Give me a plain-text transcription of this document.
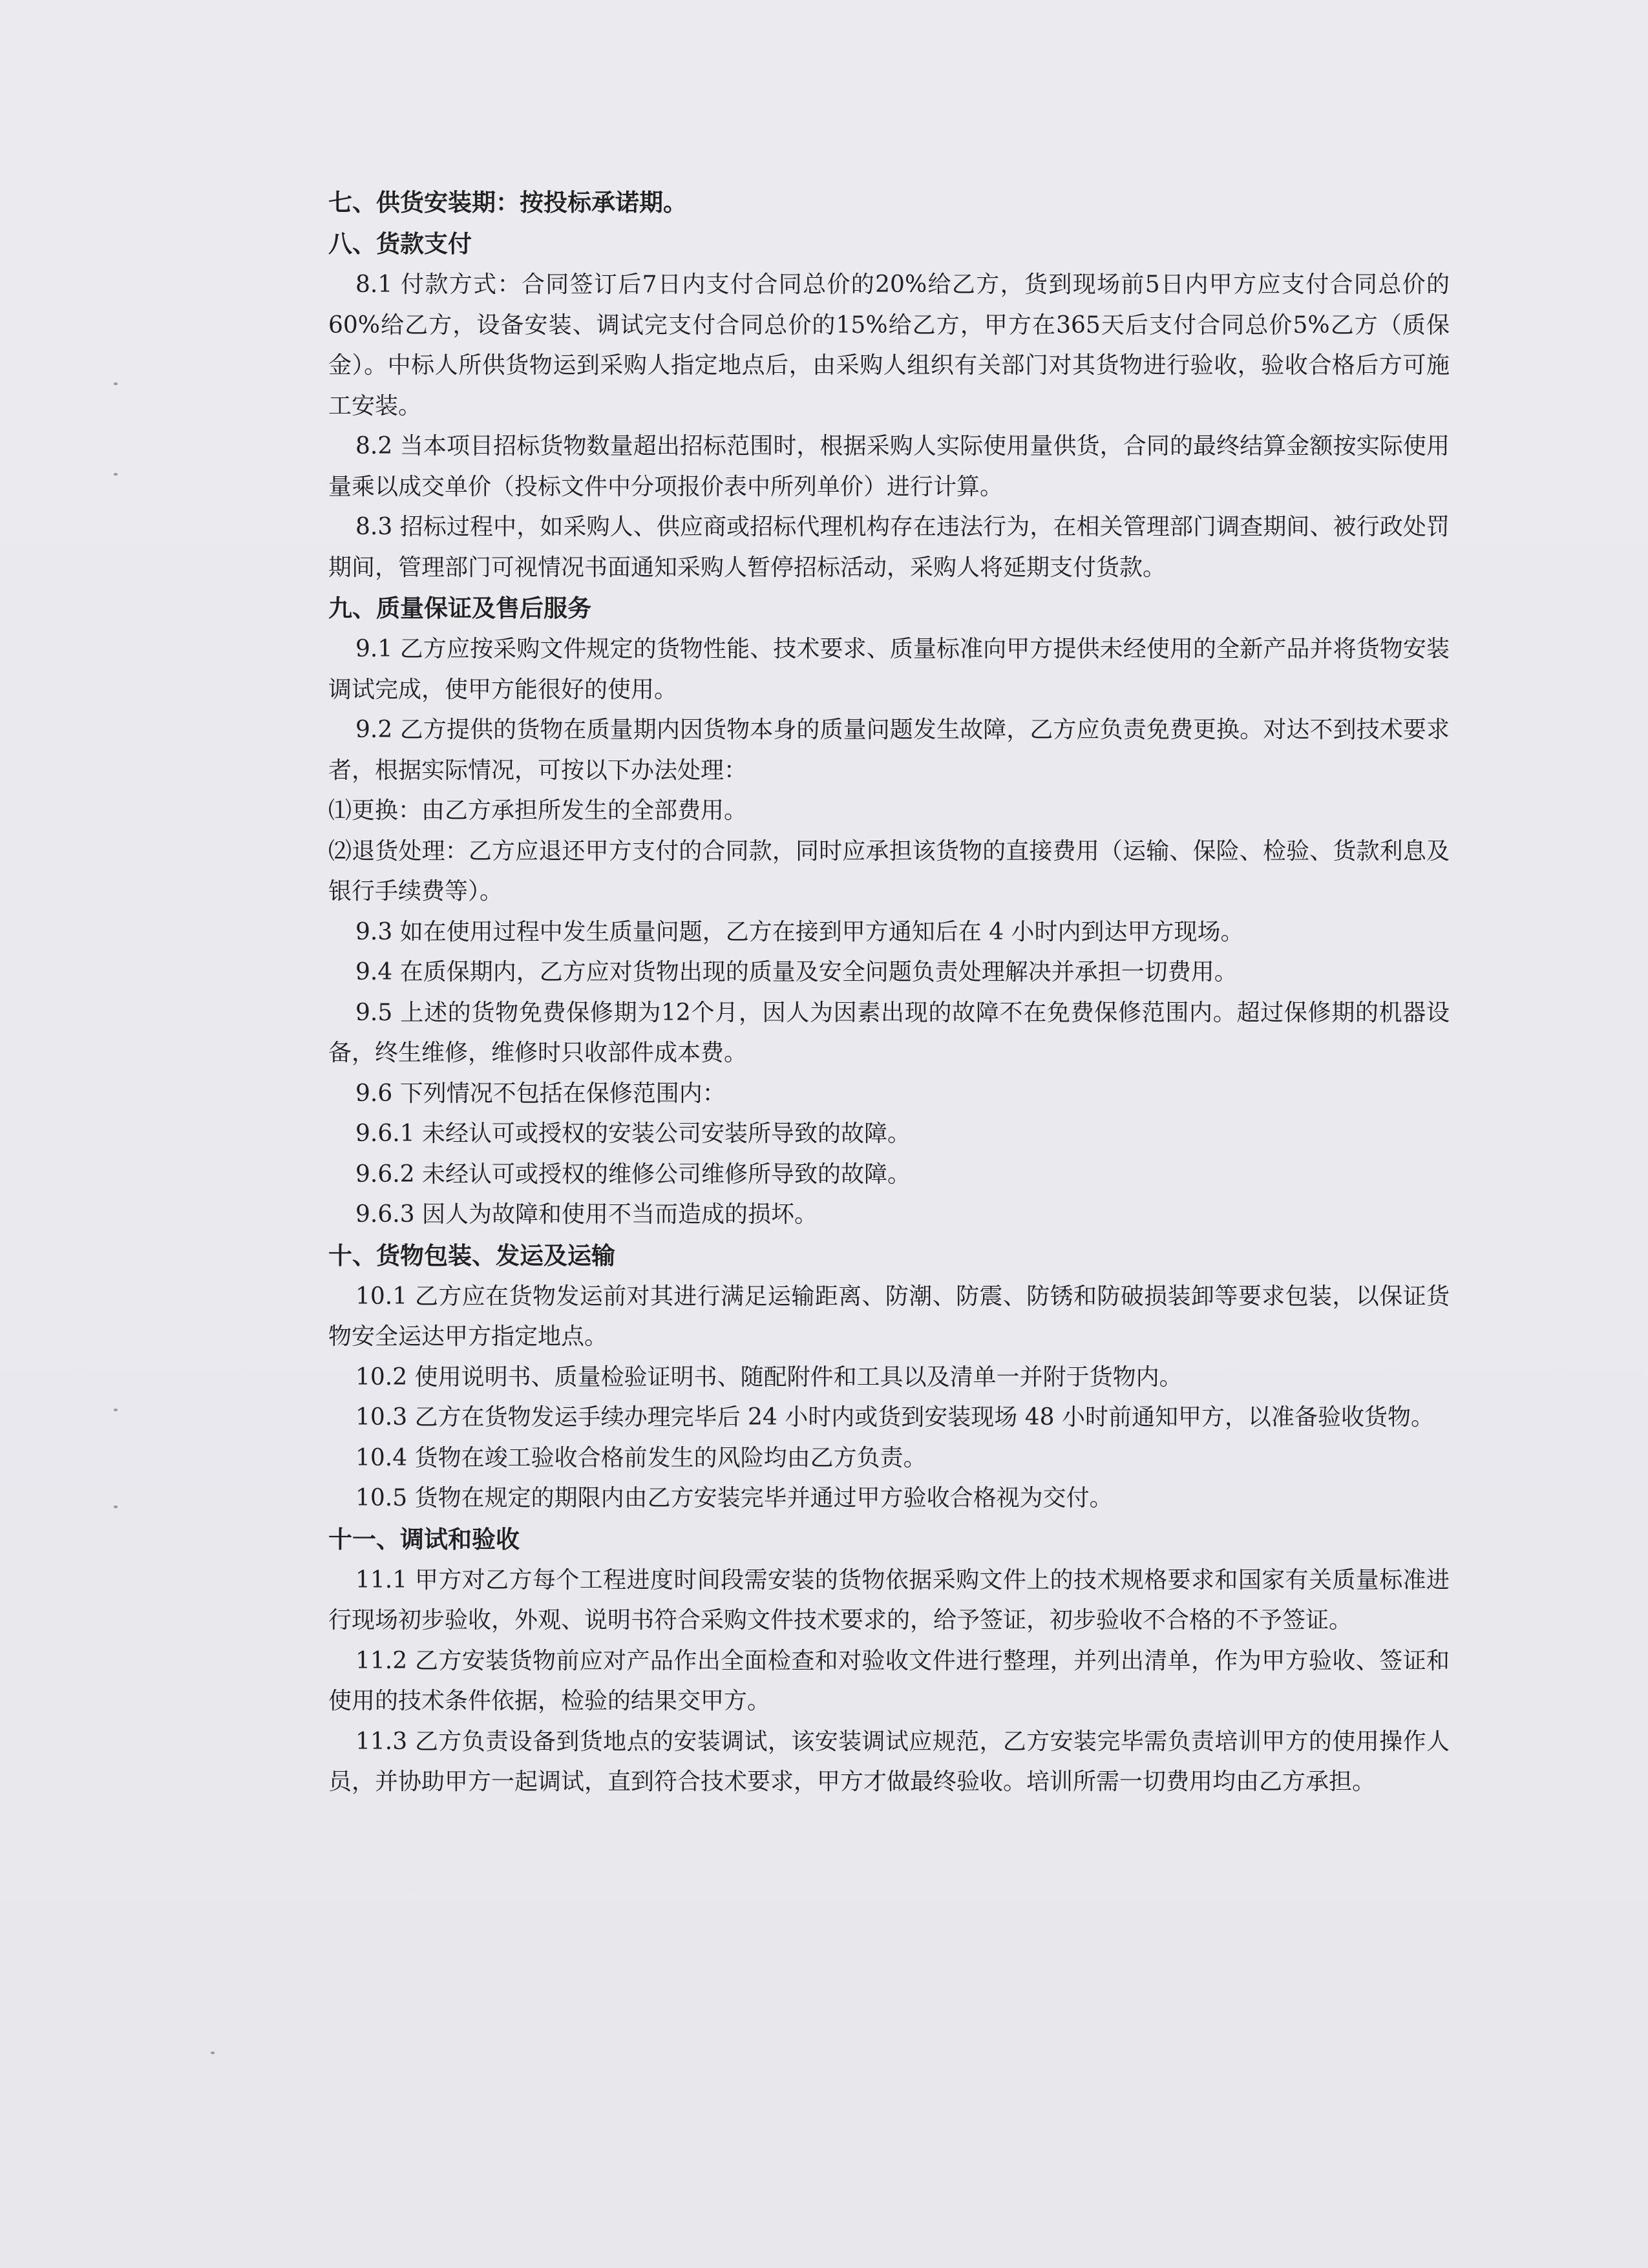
七、供货安装期：按投标承诺期。

八、货款支付

8.1 付款方式：合同签订后7日内支付合同总价的20%给乙方，货到现场前5日内甲方应支付合同总价的60%给乙方，设备安装、调试完支付合同总价的15%给乙方，甲方在365天后支付合同总价5%乙方（质保金）。中标人所供货物运到采购人指定地点后，由采购人组织有关部门对其货物进行验收，验收合格后方可施工安装。

8.2 当本项目招标货物数量超出招标范围时，根据采购人实际使用量供货，合同的最终结算金额按实际使用量乘以成交单价（投标文件中分项报价表中所列单价）进行计算。

8.3 招标过程中，如采购人、供应商或招标代理机构存在违法行为，在相关管理部门调查期间、被行政处罚期间，管理部门可视情况书面通知采购人暂停招标活动，采购人将延期支付货款。

九、质量保证及售后服务

9.1 乙方应按采购文件规定的货物性能、技术要求、质量标准向甲方提供未经使用的全新产品并将货物安装调试完成，使甲方能很好的使用。

9.2 乙方提供的货物在质量期内因货物本身的质量问题发生故障，乙方应负责免费更换。对达不到技术要求者，根据实际情况，可按以下办法处理：

⑴更换：由乙方承担所发生的全部费用。

⑵退货处理：乙方应退还甲方支付的合同款，同时应承担该货物的直接费用（运输、保险、检验、货款利息及银行手续费等）。

9.3 如在使用过程中发生质量问题，乙方在接到甲方通知后在 4 小时内到达甲方现场。

9.4 在质保期内，乙方应对货物出现的质量及安全问题负责处理解决并承担一切费用。

9.5 上述的货物免费保修期为12个月，因人为因素出现的故障不在免费保修范围内。超过保修期的机器设备，终生维修，维修时只收部件成本费。

9.6 下列情况不包括在保修范围内：

9.6.1 未经认可或授权的安装公司安装所导致的故障。

9.6.2 未经认可或授权的维修公司维修所导致的故障。

9.6.3 因人为故障和使用不当而造成的损坏。

十、货物包装、发运及运输

10.1 乙方应在货物发运前对其进行满足运输距离、防潮、防震、防锈和防破损装卸等要求包装，以保证货物安全运达甲方指定地点。

10.2 使用说明书、质量检验证明书、随配附件和工具以及清单一并附于货物内。

10.3 乙方在货物发运手续办理完毕后 24 小时内或货到安装现场 48 小时前通知甲方，以准备验收货物。

10.4 货物在竣工验收合格前发生的风险均由乙方负责。

10.5 货物在规定的期限内由乙方安装完毕并通过甲方验收合格视为交付。

十一、调试和验收

11.1 甲方对乙方每个工程进度时间段需安装的货物依据采购文件上的技术规格要求和国家有关质量标准进行现场初步验收，外观、说明书符合采购文件技术要求的，给予签证，初步验收不合格的不予签证。

11.2 乙方安装货物前应对产品作出全面检查和对验收文件进行整理，并列出清单，作为甲方验收、签证和使用的技术条件依据，检验的结果交甲方。

11.3 乙方负责设备到货地点的安装调试，该安装调试应规范，乙方安装完毕需负责培训甲方的使用操作人员，并协助甲方一起调试，直到符合技术要求，甲方才做最终验收。培训所需一切费用均由乙方承担。
